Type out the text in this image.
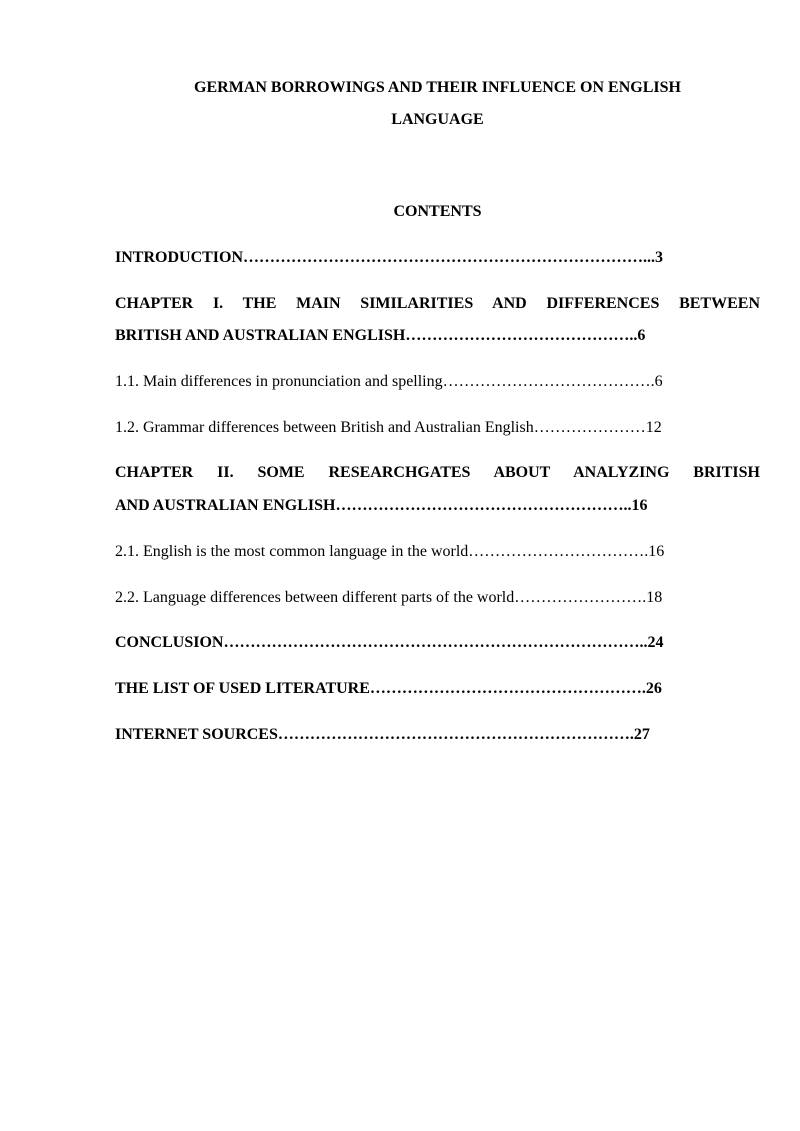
GERMAN BORROWINGS AND THEIR INFLUENCE ON ENGLISH
LANGUAGE
CONTENTS
INTRODUCTION…………………………………………………………………...3
CHAPTER I. THE MAIN SIMILARITIES AND DIFFERENCES BETWEEN
BRITISH AND AUSTRALIAN ENGLISH……………………………………..6
1.1. Main differences in pronunciation and spelling………………………………….6
1.2. Grammar differences between British and Australian English…………………12
CHAPTER II. SOME RESEARCHGATES ABOUT ANALYZING BRITISH
AND AUSTRALIAN ENGLISH………………………………………………..16
2.1. English is the most common language in the world…………………………….16
2.2. Language differences between different parts of the world…………………….18
CONCLUSION……………………………………………………………………..24
THE LIST OF USED LITERATURE…………………………………………….26
INTERNET SOURCES………………………………………………………….27
